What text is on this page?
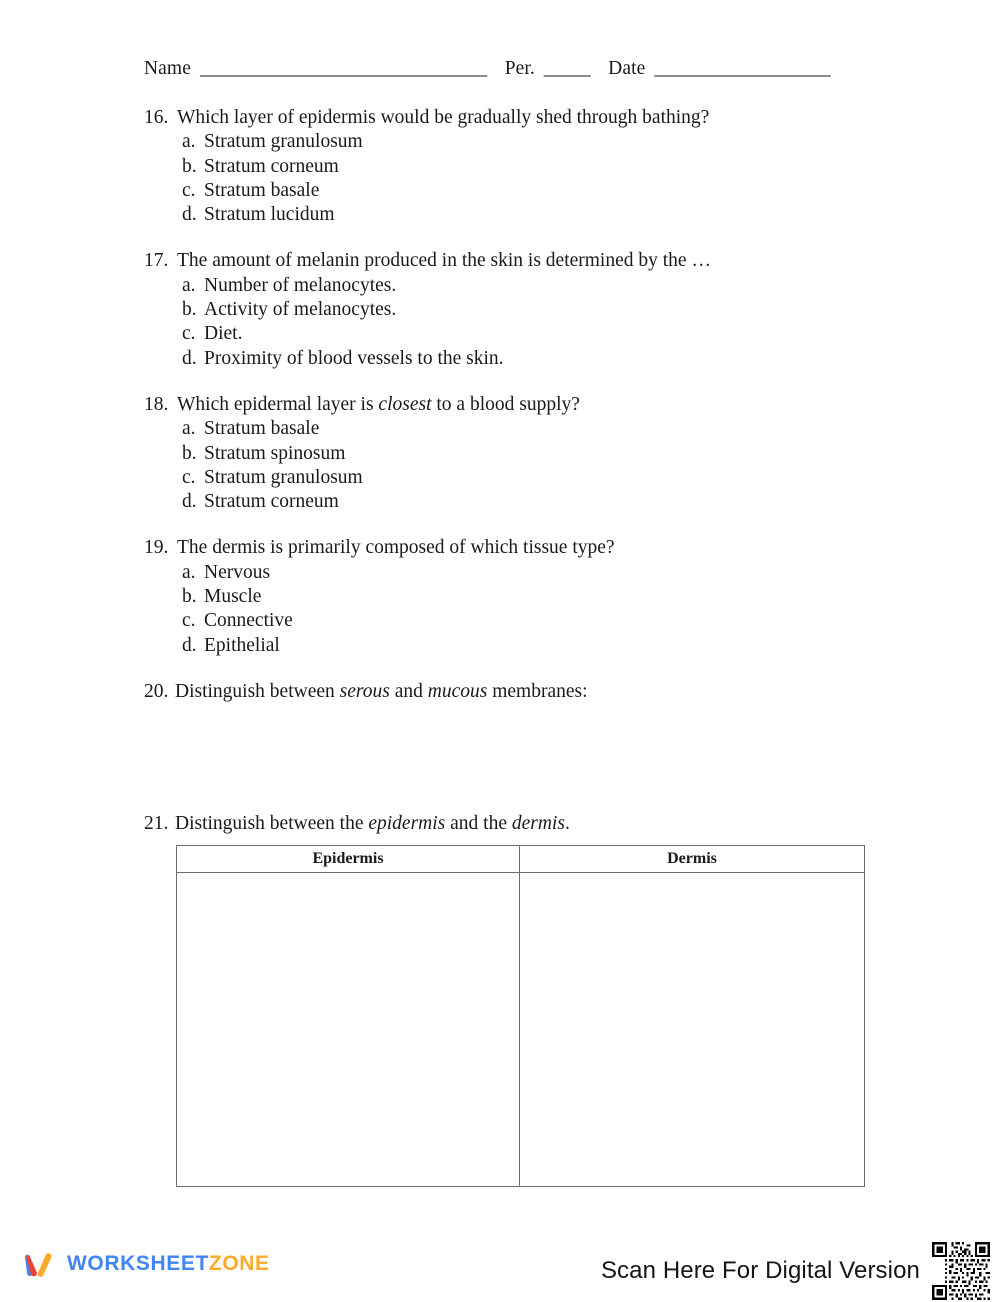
Name _______________________________ Per. _____ Date ___________________
16. Which layer of epidermis would be gradually shed through bathing?
a. Stratum granulosum
b. Stratum corneum
c. Stratum basale
d. Stratum lucidum
17. The amount of melanin produced in the skin is determined by the …
a. Number of melanocytes.
b. Activity of melanocytes.
c. Diet.
d. Proximity of blood vessels to the skin.
18. Which epidermal layer is closest to a blood supply?
a. Stratum basale
b. Stratum spinosum
c. Stratum granulosum
d. Stratum corneum
19. The dermis is primarily composed of which tissue type?
a. Nervous
b. Muscle
c. Connective
d. Epithelial
20. Distinguish between serous and mucous membranes:
21. Distinguish between the epidermis and the dermis.
Epidermis	Dermis

WORKSHEETZONE	Scan Here For Digital Version
